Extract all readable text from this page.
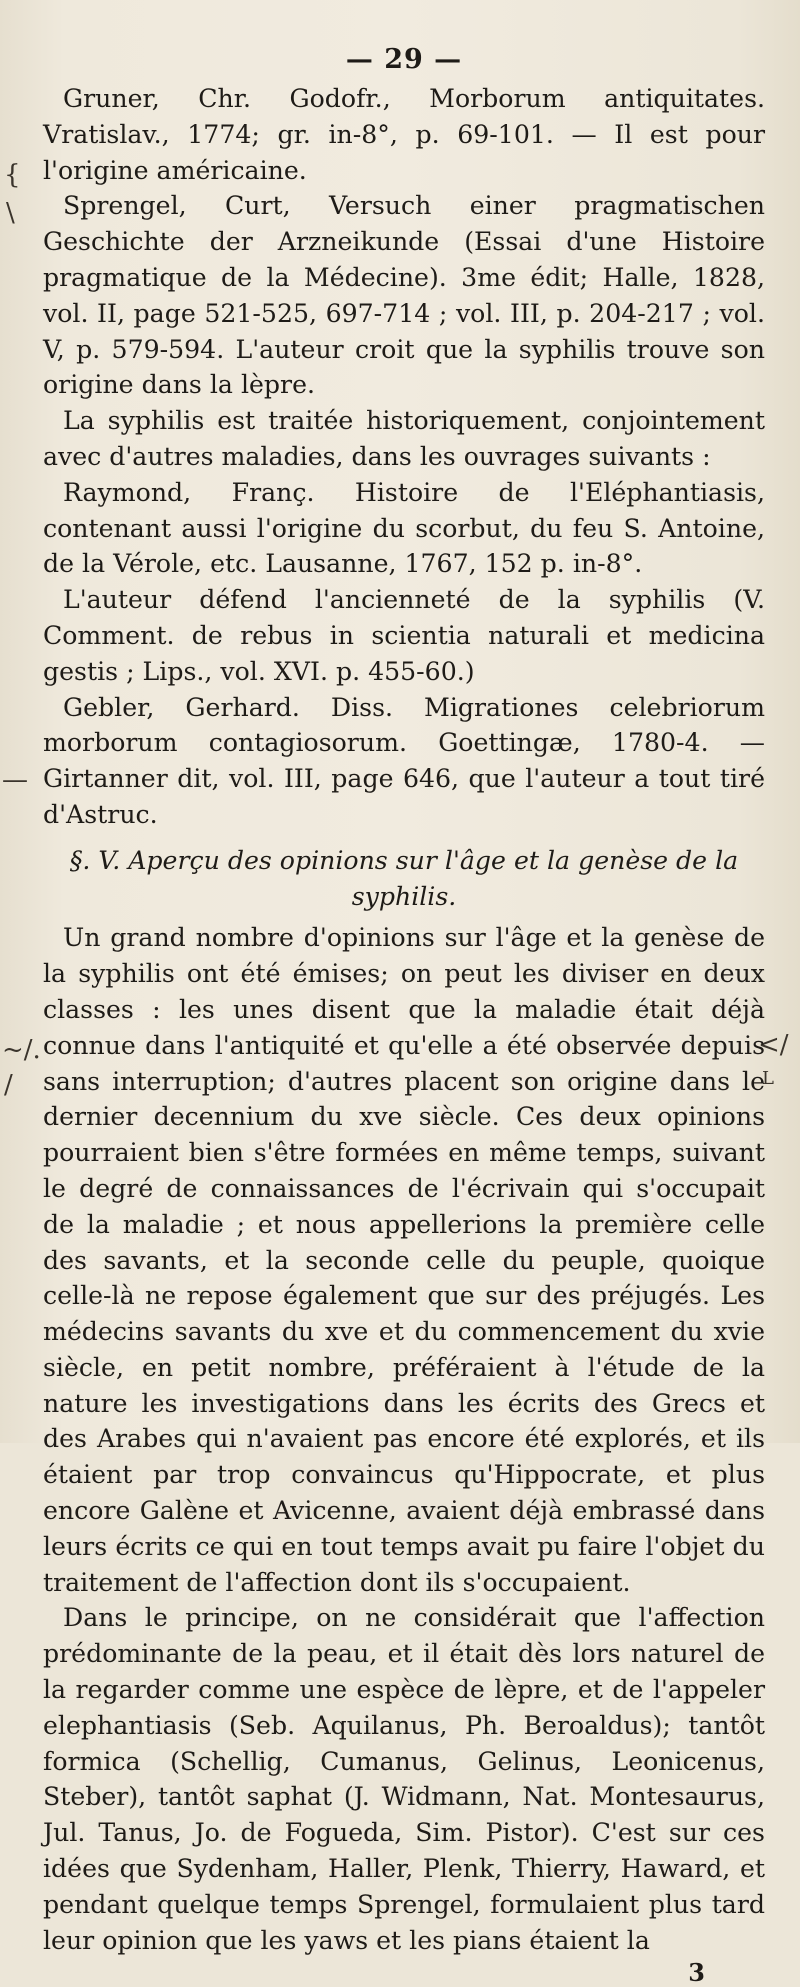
{
\
—
~/.
/
</
L
— 29 —

Gruner, Chr. Godofr., Morborum antiquitates. Vratislav., 1774; gr. in-8°, p. 69-101. — Il est pour l'origine américaine.

Sprengel, Curt, Versuch einer pragmatischen Geschichte der Arzneikunde (Essai d'une Histoire pragmatique de la Médecine). 3me édit; Halle, 1828, vol. II, page 521-525, 697-714 ; vol. III, p. 204-217 ; vol. V, p. 579-594. L'auteur croit que la syphilis trouve son origine dans la lèpre.

La syphilis est traitée historiquement, conjointement avec d'autres maladies, dans les ouvrages suivants :

Raymond, Franç. Histoire de l'Eléphantiasis, contenant aussi l'origine du scorbut, du feu S. Antoine, de la Vérole, etc. Lausanne, 1767, 152 p. in-8°.

L'auteur défend l'ancienneté de la syphilis (V. Comment. de rebus in scientia naturali et medicina gestis ; Lips., vol. XVI. p. 455-60.)

Gebler, Gerhard. Diss. Migrationes celebriorum morborum contagiosorum. Goettingæ, 1780-4. — Girtanner dit, vol. III, page 646, que l'auteur a tout tiré d'Astruc.

§. V. Aperçu des opinions sur l'âge et la genèse de la syphilis.

Un grand nombre d'opinions sur l'âge et la genèse de la syphilis ont été émises; on peut les diviser en deux classes : les unes disent que la maladie était déjà connue dans l'antiquité et qu'elle a été observée depuis sans interruption; d'autres placent son origine dans le dernier decennium du xve siècle. Ces deux opinions pourraient bien s'être formées en même temps, suivant le degré de connaissances de l'écrivain qui s'occupait de la maladie ; et nous appellerions la première celle des savants, et la seconde celle du peuple, quoique celle-là ne repose également que sur des préjugés. Les médecins savants du xve et du commencement du xvie siècle, en petit nombre, préféraient à l'étude de la nature les investigations dans les écrits des Grecs et des Arabes qui n'avaient pas encore été explorés, et ils étaient par trop convaincus qu'Hippocrate, et plus encore Galène et Avicenne, avaient déjà embrassé dans leurs écrits ce qui en tout temps avait pu faire l'objet du traitement de l'affection dont ils s'occupaient.

Dans le principe, on ne considérait que l'affection prédominante de la peau, et il était dès lors naturel de la regarder comme une espèce de lèpre, et de l'appeler elephantiasis (Seb. Aquilanus, Ph. Beroaldus); tantôt formica (Schellig, Cumanus, Gelinus, Leonicenus, Steber), tantôt saphat (J. Widmann, Nat. Montesaurus, Jul. Tanus, Jo. de Fogueda, Sim. Pistor). C'est sur ces idées que Sydenham, Haller, Plenk, Thierry, Haward, et pendant quelque temps Sprengel, formulaient plus tard leur opinion que les yaws et les pians étaient la

3
